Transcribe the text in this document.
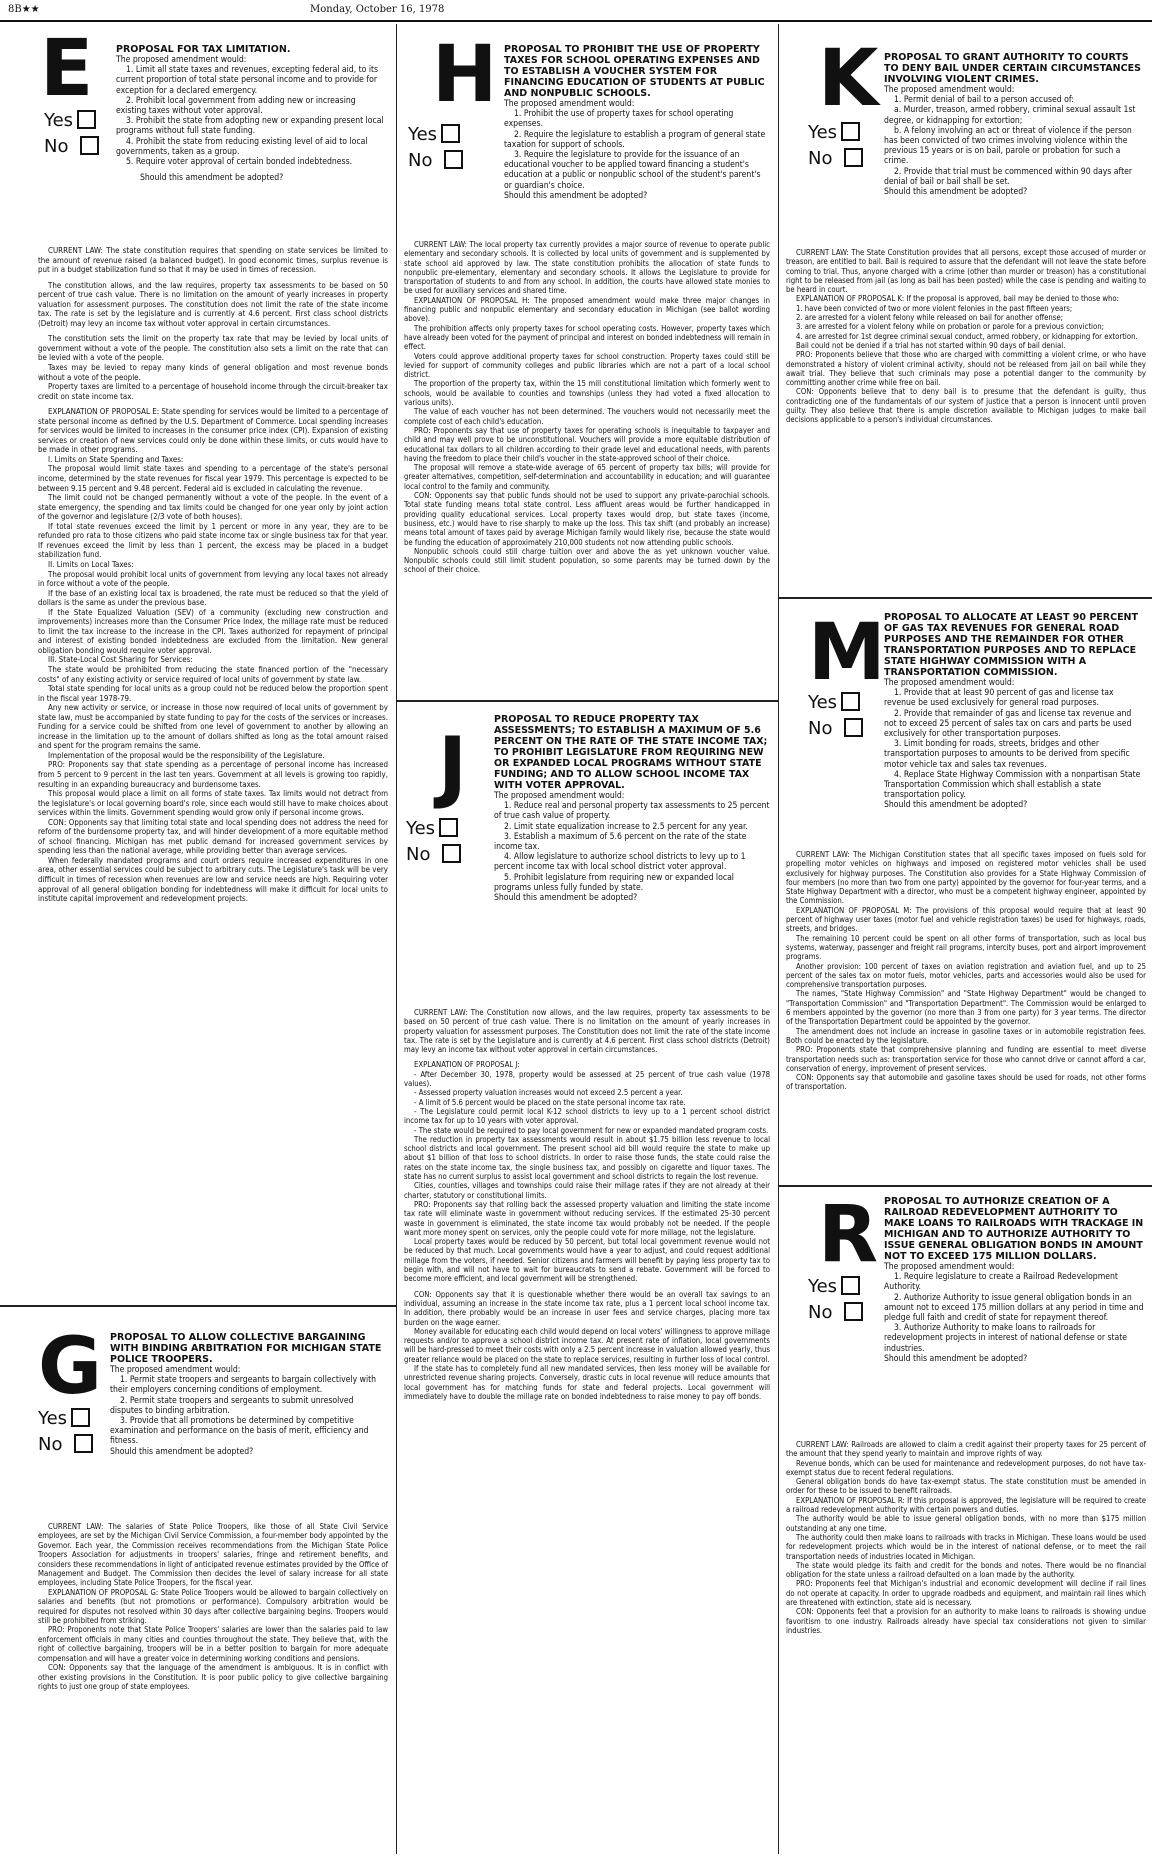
8B★★	Monday, October 16, 1978
E
Yes
No
PROPOSAL FOR TAX LIMITATION.

The proposed amendment would:

1. Limit all state taxes and revenues, excepting federal aid, to its current proportion of total state personal income and to provide for exception for a declared emergency.

2. Prohibit local government from adding new or increasing existing taxes without voter approval.

3. Prohibit the state from adopting new or expanding present local programs without full state funding.

4. Prohibit the state from reducing existing level of aid to local governments, taken as a group.

5. Require voter approval of certain bonded indebtedness.

Should this amendment be adopted?

CURRENT LAW: The state constitution requires that spending on state services be limited to the amount of revenue raised (a balanced budget). In good economic times, surplus revenue is put in a budget stabilization fund so that it may be used in times of recession.

The constitution allows, and the law requires, property tax assessments to be based on 50 percent of true cash value. There is no limitation on the amount of yearly increases in property valuation for assessment purposes. The constitution does not limit the rate of the state income tax. The rate is set by the legislature and is currently at 4.6 percent. First class school districts (Detroit) may levy an income tax without voter approval in certain circumstances.

The constitution sets the limit on the property tax rate that may be levied by local units of government without a vote of the people. The constitution also sets a limit on the rate that can be levied with a vote of the people.

Taxes may be levied to repay many kinds of general obligation and most revenue bonds without a vote of the people.

Property taxes are limited to a percentage of household income through the circuit-breaker tax credit on state income tax.

EXPLANATION OF PROPOSAL E: State spending for services would be limited to a percentage of state personal income as defined by the U.S. Department of Commerce. Local spending increases for services would be limited to increases in the consumer price index (CPI). Expansion of existing services or creation of new services could only be done within these limits, or cuts would have to be made in other programs.

I. Limits on State Spending and Taxes:

The proposal would limit state taxes and spending to a percentage of the state's personal income, determined by the state revenues for fiscal year 1979. This percentage is expected to be between 9.15 percent and 9.48 percent. Federal aid is excluded in calculating the revenue.

The limit could not be changed permanently without a vote of the people. In the event of a state emergency, the spending and tax limits could be changed for one year only by joint action of the governor and legislature (2/3 vote of both houses).

If total state revenues exceed the limit by 1 percent or more in any year, they are to be refunded pro rata to those citizens who paid state income tax or single business tax for that year. If revenues exceed the limit by less than 1 percent, the excess may be placed in a budget stabilization fund.

II. Limits on Local Taxes:

The proposal would prohibit local units of government from levying any local taxes not already in force without a vote of the people.

If the base of an existing local tax is broadened, the rate must be reduced so that the yield of dollars is the same as under the previous base.

If the State Equalized Valuation (SEV) of a community (excluding new construction and improvements) increases more than the Consumer Price Index, the millage rate must be reduced to limit the tax increase to the increase in the CPI. Taxes authorized for repayment of principal and interest of existing bonded indebtedness are excluded from the limitation. New general obligation bonding would require voter approval.

III. State-Local Cost Sharing for Services:

The state would be prohibited from reducing the state financed portion of the "necessary costs" of any existing activity or service required of local units of government by state law.

Total state spending for local units as a group could not be reduced below the proportion spent in the fiscal year 1978-79.

Any new activity or service, or increase in those now required of local units of government by state law, must be accompanied by state funding to pay for the costs of the services or increases. Funding for a service could be shifted from one level of government to another by allowing an increase in the limitation up to the amount of dollars shifted as long as the total amount raised and spent for the program remains the same.

Implementation of the proposal would be the responsibility of the Legislature.

PRO: Proponents say that state spending as a percentage of personal income has increased from 5 percent to 9 percent in the last ten years. Government at all levels is growing too rapidly, resulting in an expanding bureaucracy and burdensome taxes.

This proposal would place a limit on all forms of state taxes. Tax limits would not detract from the legislature's or local governing board's role, since each would still have to make choices about services within the limits. Government spending would grow only if personal income grows.

CON: Opponents say that limiting total state and local spending does not address the need for reform of the burdensome property tax, and will hinder development of a more equitable method of school financing. Michigan has met public demand for increased government services by spending less than the national average, while providing better than average services.

When federally mandated programs and court orders require increased expenditures in one area, other essential services could be subject to arbitrary cuts. The Legislature's task will be very difficult in times of recession when revenues are low and service needs are high. Requiring voter approval of all general obligation bonding for indebtedness will make it difficult for local units to institute capital improvement and redevelopment projects.

G
Yes
No
PROPOSAL TO ALLOW COLLECTIVE BARGAINING WITH BINDING ARBITRATION FOR MICHIGAN STATE POLICE TROOPERS.

The proposed amendment would:

1. Permit state troopers and sergeants to bargain collectively with their employers concerning conditions of employment.

2. Permit state troopers and sergeants to submit unresolved disputes to binding arbitration.

3. Provide that all promotions be determined by competitive examination and performance on the basis of merit, efficiency and fitness.

Should this amendment be adopted?

CURRENT LAW: The salaries of State Police Troopers, like those of all State Civil Service employees, are set by the Michigan Civil Service Commission, a four-member body appointed by the Governor. Each year, the Commission receives recommendations from the Michigan State Police Troopers Association for adjustments in troopers' salaries, fringe and retirement benefits, and considers these recommendations in light of anticipated revenue estimates provided by the Office of Management and Budget. The Commission then decides the level of salary increase for all state employees, including State Police Troopers, for the fiscal year.

EXPLANATION OF PROPOSAL G: State Police Troopers would be allowed to bargain collectively on salaries and benefits (but not promotions or performance). Compulsory arbitration would be required for disputes not resolved within 30 days after collective bargaining begins. Troopers would still be prohibited from striking.

PRO: Proponents note that State Police Troopers' salaries are lower than the salaries paid to law enforcement officials in many cities and counties throughout the state. They believe that, with the right of collective bargaining, troopers will be in a better position to bargain for more adequate compensation and will have a greater voice in determining working conditions and pensions.

CON: Opponents say that the language of the amendment is ambiguous. It is in conflict with other existing provisions in the Constitution. It is poor public policy to give collective bargaining rights to just one group of state employees.

H
Yes
No
PROPOSAL TO PROHIBIT THE USE OF PROPERTY TAXES FOR SCHOOL OPERATING EXPENSES AND TO ESTABLISH A VOUCHER SYSTEM FOR FINANCING EDUCATION OF STUDENTS AT PUBLIC AND NONPUBLIC SCHOOLS.

The proposed amendment would:

1. Prohibit the use of property taxes for school operating expenses.

2. Require the legislature to establish a program of general state taxation for support of schools.

3. Require the legislature to provide for the issuance of an educational voucher to be applied toward financing a student's education at a public or nonpublic school of the student's parent's or guardian's choice.

Should this amendment be adopted?

CURRENT LAW: The local property tax currently provides a major source of revenue to operate public elementary and secondary schools. It is collected by local units of government and is supplemented by state school aid approved by law. The state constitution prohibits the allocation of state funds to nonpublic pre-elementary, elementary and secondary schools. It allows the Legislature to provide for transportation of students to and from any school. In addition, the courts have allowed state monies to be used for auxiliary services and shared time.

EXPLANATION OF PROPOSAL H: The proposed amendment would make three major changes in financing public and nonpublic elementary and secondary education in Michigan (see ballot wording above).

The prohibition affects only property taxes for school operating costs. However, property taxes which have already been voted for the payment of principal and interest on bonded indebtedness will remain in effect.

Voters could approve additional property taxes for school construction. Property taxes could still be levied for support of community colleges and public libraries which are not a part of a local school district.

The proportion of the property tax, within the 15 mill constitutional limitation which formerly went to schools, would be available to counties and townships (unless they had voted a fixed allocation to various units).

The value of each voucher has not been determined. The vouchers would not necessarily meet the complete cost of each child's education.

PRO: Proponents say that use of property taxes for operating schools is inequitable to taxpayer and child and may well prove to be unconstitutional. Vouchers will provide a more equitable distribution of educational tax dollars to all children according to their grade level and educational needs, with parents having the freedom to place their child's voucher in the state-approved school of their choice.

The proposal will remove a state-wide average of 65 percent of property tax bills; will provide for greater alternatives, competition, self-determination and accountability in education; and will guarantee local control to the family and community.

CON: Opponents say that public funds should not be used to support any private-parochial schools. Total state funding means total state control. Less affluent areas would be further handicapped in providing quality educational services. Local property taxes would drop, but state taxes (income, business, etc.) would have to rise sharply to make up the loss. This tax shift (and probably an increase) means total amount of taxes paid by average Michigan family would likely rise, because the state would be funding the education of approximately 210,000 students not now attending public schools.

Nonpublic schools could still charge tuition over and above the as yet unknown voucher value. Nonpublic schools could still limit student population, so some parents may be turned down by the school of their choice.

J
Yes
No
PROPOSAL TO REDUCE PROPERTY TAX ASSESSMENTS; TO ESTABLISH A MAXIMUM OF 5.6 PERCENT ON THE RATE OF THE STATE INCOME TAX; TO PROHIBIT LEGISLATURE FROM REQUIRING NEW OR EXPANDED LOCAL PROGRAMS WITHOUT STATE FUNDING; AND TO ALLOW SCHOOL INCOME TAX WITH VOTER APPROVAL.

The proposed amendment would:

1. Reduce real and personal property tax assessments to 25 percent of true cash value of property.

2. Limit state equalization increase to 2.5 percent for any year.

3. Establish a maximum of 5.6 percent on the rate of the state income tax.

4. Allow legislature to authorize school districts to levy up to 1 percent income tax with local school district voter approval.

5. Prohibit legislature from requiring new or expanded local programs unless fully funded by state.

Should this amendment be adopted?

CURRENT LAW: The Constitution now allows, and the law requires, property tax assessments to be based on 50 percent of true cash value. There is no limitation on the amount of yearly increases in property valuation for assessment purposes. The Constitution does not limit the rate of the state income tax. The rate is set by the Legislature and is currently at 4.6 percent. First class school districts (Detroit) may levy an income tax without voter approval in certain circumstances.

EXPLANATION OF PROPOSAL J:

- After December 30, 1978, property would be assessed at 25 percent of true cash value (1978 values).

- Assessed property valuation increases would not exceed 2.5 percent a year.

- A limit of 5.6 percent would be placed on the state personal income tax rate.

- The Legislature could permit local K-12 school districts to levy up to a 1 percent school district income tax for up to 10 years with voter approval.

- The state would be required to pay local government for new or expanded mandated program costs.

The reduction in property tax assessments would result in about $1.75 billion less revenue to local school districts and local government. The present school aid bill would require the state to make up about $1 billion of that loss to school districts. In order to raise those funds, the state could raise the rates on the state income tax, the single business tax, and possibly on cigarette and liquor taxes. The state has no current surplus to assist local government and school districts to regain the lost revenue.

Cities, counties, villages and townships could raise their millage rates if they are not already at their charter, statutory or constitutional limits.

PRO: Proponents say that rolling back the assessed property valuation and limiting the state income tax rate will eliminate waste in government without reducing services. If the estimated 25-30 percent waste in government is eliminated, the state income tax would probably not be needed. If the people want more money spent on services, only the people could vote for more millage, not the legislature.

Local property taxes would be reduced by 50 percent, but total local government revenue would not be reduced by that much. Local governments would have a year to adjust, and could request additional millage from the voters, if needed. Senior citizens and farmers will benefit by paying less property tax to begin with, and will not have to wait for bureaucrats to send a rebate. Government will be forced to become more efficient, and local government will be strengthened.

CON: Opponents say that it is questionable whether there would be an overall tax savings to an individual, assuming an increase in the state income tax rate, plus a 1 percent local school income tax. In addition, there probably would be an increase in user fees and service charges, placing more tax burden on the wage earner.

Money available for educating each child would depend on local voters' willingness to approve millage requests and/or to approve a school district income tax. At present rate of inflation, local governments will be hard-pressed to meet their costs with only a 2.5 percent increase in valuation allowed yearly, thus greater reliance would be placed on the state to replace services, resulting in further loss of local control.

If the state has to completely fund all new mandated services, then less money will be available for unrestricted revenue sharing projects. Conversely, drastic cuts in local revenue will reduce amounts that local government has for matching funds for state and federal projects. Local government will immediately have to double the millage rate on bonded indebtedness to raise money to pay off bonds.

K
Yes
No
PROPOSAL TO GRANT AUTHORITY TO COURTS TO DENY BAIL UNDER CERTAIN CIRCUMSTANCES INVOLVING VIOLENT CRIMES.

The proposed amendment would:

1. Permit denial of bail to a person accused of:

a. Murder, treason, armed robbery, criminal sexual assault 1st degree, or kidnapping for extortion;

b. A felony involving an act or threat of violence if the person has been convicted of two crimes involving violence within the previous 15 years or is on bail, parole or probation for such a crime.

2. Provide that trial must be commenced within 90 days after denial of bail or bail shall be set.

Should this amendment be adopted?

CURRENT LAW: The State Constitution provides that all persons, except those accused of murder or treason, are entitled to bail. Bail is required to assure that the defendant will not leave the state before coming to trial. Thus, anyone charged with a crime (other than murder or treason) has a constitutional right to be released from jail (as long as bail has been posted) while the case is pending and waiting to be heard in court.

EXPLANATION OF PROPOSAL K: If the proposal is approved, bail may be denied to those who:

1. have been convicted of two or more violent felonies in the past fifteen years;

2. are arrested for a violent felony while released on bail for another offense;

3. are arrested for a violent felony while on probation or parole for a previous conviction;

4. are arrested for 1st degree criminal sexual conduct, armed robbery, or kidnapping for extortion.

Bail could not be denied if a trial has not started within 90 days of bail denial.

PRO: Proponents believe that those who are charged with committing a violent crime, or who have demonstrated a history of violent criminal activity, should not be released from jail on bail while they await trial. They believe that such criminals may pose a potential danger to the community by committing another crime while free on bail.

CON: Opponents believe that to deny bail is to presume that the defendant is guilty, thus contradicting one of the fundamentals of our system of justice that a person is innocent until proven guilty. They also believe that there is ample discretion available to Michigan judges to make bail decisions applicable to a person's individual circumstances.

M
Yes
No
PROPOSAL TO ALLOCATE AT LEAST 90 PERCENT OF GAS TAX REVENUES FOR GENERAL ROAD PURPOSES AND THE REMAINDER FOR OTHER TRANSPORTATION PURPOSES AND TO REPLACE STATE HIGHWAY COMMISSION WITH A TRANSPORTATION COMMISSION.

The proposed amendment would:

1. Provide that at least 90 percent of gas and license tax revenue be used exclusively for general road purposes.

2. Provide that remainder of gas and license tax revenue and not to exceed 25 percent of sales tax on cars and parts be used exclusively for other transportation purposes.

3. Limit bonding for roads, streets, bridges and other transportation purposes to amounts to be derived from specific motor vehicle tax and sales tax revenues.

4. Replace State Highway Commission with a nonpartisan State Transportation Commission which shall establish a state transportation policy.

Should this amendment be adopted?

CURRENT LAW: The Michigan Constitution states that all specific taxes imposed on fuels sold for propelling motor vehicles on highways and imposed on registered motor vehicles shall be used exclusively for highway purposes. The Constitution also provides for a State Highway Commission of four members (no more than two from one party) appointed by the governor for four-year terms, and a State Highway Department with a director, who must be a competent highway engineer, appointed by the Commission.

EXPLANATION OF PROPOSAL M: The provisions of this proposal would require that at least 90 percent of highway user taxes (motor fuel and vehicle registration taxes) be used for highways, roads, streets, and bridges.

The remaining 10 percent could be spent on all other forms of transportation, such as local bus systems, waterway, passenger and freight rail programs, intercity buses, port and airport improvement programs.

Another provision: 100 percent of taxes on aviation registration and aviation fuel, and up to 25 percent of the sales tax on motor fuels, motor vehicles, parts and accessories would also be used for comprehensive transportation purposes.

The names, "State Highway Commission" and "State Highway Department" would be changed to "Transportation Commission" and "Transportation Department". The Commission would be enlarged to 6 members appointed by the governor (no more than 3 from one party) for 3 year terms. The director of the Transportation Department could be appointed by the governor.

The amendment does not include an increase in gasoline taxes or in automobile registration fees. Both could be enacted by the legislature.

PRO: Proponents state that comprehensive planning and funding are essential to meet diverse transportation needs such as: transportation service for those who cannot drive or cannot afford a car, conservation of energy, improvement of present services.

CON: Opponents say that automobile and gasoline taxes should be used for roads, not other forms of transportation.

R
Yes
No
PROPOSAL TO AUTHORIZE CREATION OF A RAILROAD REDEVELOPMENT AUTHORITY TO MAKE LOANS TO RAILROADS WITH TRACKAGE IN MICHIGAN AND TO AUTHORIZE AUTHORITY TO ISSUE GENERAL OBLIGATION BONDS IN AMOUNT NOT TO EXCEED 175 MILLION DOLLARS.

The proposed amendment would:

1. Require legislature to create a Railroad Redevelopment Authority.

2. Authorize Authority to issue general obligation bonds in an amount not to exceed 175 million dollars at any period in time and pledge full faith and credit of state for repayment thereof.

3. Authorize Authority to make loans to railroads for redevelopment projects in interest of national defense or state industries.

Should this amendment be adopted?

CURRENT LAW: Railroads are allowed to claim a credit against their property taxes for 25 percent of the amount that they spend yearly to maintain and improve rights of way.

Revenue bonds, which can be used for maintenance and redevelopment purposes, do not have tax-exempt status due to recent federal regulations.

General obligation bonds do have tax-exempt status. The state constitution must be amended in order for these to be issued to benefit railroads.

EXPLANATION OF PROPOSAL R: If this proposal is approved, the legislature will be required to create a railroad redevelopment authority with certain powers and duties.

The authority would be able to issue general obligation bonds, with no more than $175 million outstanding at any one time.

The authority could then make loans to railroads with tracks in Michigan. These loans would be used for redevelopment projects which would be in the interest of national defense, or to meet the rail transportation needs of industries located in Michigan.

The state would pledge its faith and credit for the bonds and notes. There would be no financial obligation for the state unless a railroad defaulted on a loan made by the authority.

PRO: Proponents feel that Michigan's industrial and economic development will decline if rail lines do not operate at capacity. In order to upgrade roadbeds and equipment, and maintain rail lines which are threatened with extinction, state aid is necessary.

CON: Opponents feel that a provision for an authority to make loans to railroads is showing undue favoritism to one industry. Railroads already have special tax considerations not given to similar industries.
